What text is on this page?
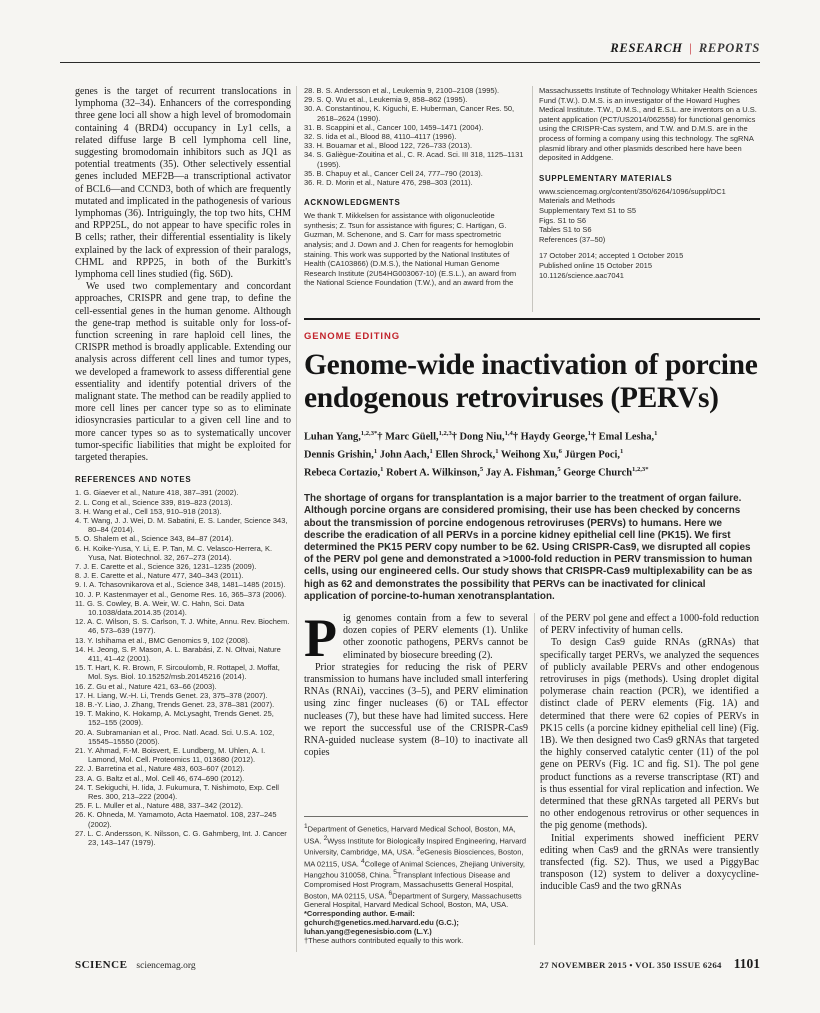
RESEARCH | REPORTS

genes is the target of recurrent translocations in lymphoma (32–34). Enhancers of the corresponding three gene loci all show a high level of bromodomain containing 4 (BRD4) occupancy in Ly1 cells, a related diffuse large B cell lymphoma cell line, suggesting bromodomain inhibitors such as JQ1 as potential treatments (35). Other selectively essential genes included MEF2B—a transcriptional activator of BCL6—and CCND3, both of which are frequently mutated and implicated in the pathogenesis of various lymphomas (36). Intriguingly, the top two hits, CHM and RPP25L, do not appear to have specific roles in B cells; rather, their differential essentiality is likely explained by the lack of expression of their paralogs, CHML and RPP25, in both of the Burkitt's lymphoma cell lines studied (fig. S6D).

We used two complementary and concordant approaches, CRISPR and gene trap, to define the cell-essential genes in the human genome. Although the gene-trap method is suitable only for loss-of-function screening in rare haploid cell lines, the CRISPR method is broadly applicable. Extending our analysis across different cell lines and tumor types, we developed a framework to assess differential gene essentiality and identify potential drivers of the malignant state. The method can be readily applied to more cell lines per cancer type so as to eliminate idiosyncrasies particular to a given cell line and to more cancer types so as to systematically uncover tumor-specific liabilities that might be exploited for targeted therapies.

REFERENCES AND NOTES
1. G. Giaever et al., Nature 418, 387–391 (2002).
2. L. Cong et al., Science 339, 819–823 (2013).
3. H. Wang et al., Cell 153, 910–918 (2013).
4. T. Wang, J. J. Wei, D. M. Sabatini, E. S. Lander, Science 343, 80–84 (2014).
5. O. Shalem et al., Science 343, 84–87 (2014).
6. H. Koike-Yusa, Y. Li, E. P. Tan, M. C. Velasco-Herrera, K. Yusa, Nat. Biotechnol. 32, 267–273 (2014).
7. J. E. Carette et al., Science 326, 1231–1235 (2009).
8. J. E. Carette et al., Nature 477, 340–343 (2011).
9. I. A. Tchasovnikarova et al., Science 348, 1481–1485 (2015).
10. J. P. Kastenmayer et al., Genome Res. 16, 365–373 (2006).
11. G. S. Cowley, B. A. Weir, W. C. Hahn, Sci. Data 10.1038/data.2014.35 (2014).
12. A. C. Wilson, S. S. Carlson, T. J. White, Annu. Rev. Biochem. 46, 573–639 (1977).
13. Y. Ishihama et al., BMC Genomics 9, 102 (2008).
14. H. Jeong, S. P. Mason, A. L. Barabási, Z. N. Oltvai, Nature 411, 41–42 (2001).
15. T. Hart, K. R. Brown, F. Sircoulomb, R. Rottapel, J. Moffat, Mol. Sys. Biol. 10.15252/msb.20145216 (2014).
16. Z. Gu et al., Nature 421, 63–66 (2003).
17. H. Liang, W.-H. Li, Trends Genet. 23, 375–378 (2007).
18. B.-Y. Liao, J. Zhang, Trends Genet. 23, 378–381 (2007).
19. T. Makino, K. Hokamp, A. McLysaght, Trends Genet. 25, 152–155 (2009).
20. A. Subramanian et al., Proc. Natl. Acad. Sci. U.S.A. 102, 15545–15550 (2005).
21. Y. Ahmad, F.-M. Boisvert, E. Lundberg, M. Uhlen, A. I. Lamond, Mol. Cell. Proteomics 11, 013680 (2012).
22. J. Barretina et al., Nature 483, 603–607 (2012).
23. A. G. Baltz et al., Mol. Cell 46, 674–690 (2012).
24. T. Sekiguchi, H. Iida, J. Fukumura, T. Nishimoto, Exp. Cell Res. 300, 213–222 (2004).
25. F. L. Muller et al., Nature 488, 337–342 (2012).
26. K. Ohneda, M. Yamamoto, Acta Haematol. 108, 237–245 (2002).
27. L. C. Andersson, K. Nilsson, C. G. Gahmberg, Int. J. Cancer 23, 143–147 (1979).
28. B. S. Andersson et al., Leukemia 9, 2100–2108 (1995).
29. S. Q. Wu et al., Leukemia 9, 858–862 (1995).
30. A. Constantinou, K. Kiguchi, E. Huberman, Cancer Res. 50, 2618–2624 (1990).
31. B. Scappini et al., Cancer 100, 1459–1471 (2004).
32. S. Iida et al., Blood 88, 4110–4117 (1996).
33. H. Bouamar et al., Blood 122, 726–733 (2013).
34. S. Galiègue-Zouitina et al., C. R. Acad. Sci. III 318, 1125–1131 (1995).
35. B. Chapuy et al., Cancer Cell 24, 777–790 (2013).
36. R. D. Morin et al., Nature 476, 298–303 (2011).
ACKNOWLEDGMENTS

We thank T. Mikkelsen for assistance with oligonucleotide synthesis; Z. Tsun for assistance with figures; C. Hartigan, G. Guzman, M. Schenone, and S. Carr for mass spectrometric analysis; and J. Down and J. Chen for reagents for hemoglobin staining. This work was supported by the National Institutes of Health (CA103866) (D.M.S.), the National Human Genome Research Institute (2U54HG003067-10) (E.S.L.), an award from the National Science Foundation (T.W.), and an award from the

Massachussetts Institute of Technology Whitaker Health Sciences Fund (T.W.). D.M.S. is an investigator of the Howard Hughes Medical Institute. T.W., D.M.S., and E.S.L. are inventors on a U.S. patent application (PCT/US2014/062558) for functional genomics using the CRISPR-Cas system, and T.W. and D.M.S. are in the process of forming a company using this technology. The sgRNA plasmid library and other plasmids described here have been deposited in Addgene.

SUPPLEMENTARY MATERIALS
www.sciencemag.org/content/350/6264/1096/suppl/DC1
Materials and Methods
Supplementary Text S1 to S5
Figs. S1 to S6
Tables S1 to S6
References (37–50)
17 October 2014; accepted 1 October 2015
Published online 15 October 2015
10.1126/science.aac7041
GENOME EDITING
Genome-wide inactivation of porcine
endogenous retroviruses (PERVs)
Luhan Yang,$^{1,2,3*}$† Marc Güell,$^{1,2,3}$† Dong Niu,$^{1,4}$† Haydy George,$^1$† Emal Lesha,$^1$
Dennis Grishin,$^1$ John Aach,$^1$ Ellen Shrock,$^1$ Weihong Xu,$^6$ Jürgen Poci,$^1$
Rebeca Cortazio,$^1$ Robert A. Wilkinson,$^5$ Jay A. Fishman,$^5$ George Church$^{1,2,3*}$

The shortage of organs for transplantation is a major barrier to the treatment of organ failure. Although porcine organs are considered promising, their use has been checked by concerns about the transmission of porcine endogenous retroviruses (PERVs) to humans. Here we describe the eradication of all PERVs in a porcine kidney epithelial cell line (PK15). We first determined the PK15 PERV copy number to be 62. Using CRISPR-Cas9, we disrupted all copies of the PERV pol gene and demonstrated a >1000-fold reduction in PERV transmission to human cells, using our engineered cells. Our study shows that CRISPR-Cas9 multiplexability can be as high as 62 and demonstrates the possibility that PERVs can be inactivated for clinical application of porcine-to-human xenotransplantation.

Pig genomes contain from a few to several dozen copies of PERV elements (1). Unlike other zoonotic pathogens, PERVs cannot be eliminated by biosecure breeding (2).

Prior strategies for reducing the risk of PERV transmission to humans have included small interfering RNAs (RNAi), vaccines (3–5), and PERV elimination using zinc finger nucleases (6) or TAL effector nucleases (7), but these have had limited success. Here we report the successful use of the CRISPR-Cas9 RNA-guided nuclease system (8–10) to inactivate all copies

$^1$Department of Genetics, Harvard Medical School, Boston, MA, USA. $^2$Wyss Institute for Biologically Inspired Engineering, Harvard University, Cambridge, MA, USA. $^3$eGenesis Biosciences, Boston, MA 02115, USA. $^4$College of Animal Sciences, Zhejiang University, Hangzhou 310058, China. $^5$Transplant Infectious Disease and Compromised Host Program, Massachusetts General Hospital, Boston, MA 02115, USA. $^6$Department of Surgery, Massachusetts General Hospital, Harvard Medical School, Boston, MA, USA.
*Corresponding author. E-mail: gchurch@genetics.med.harvard.edu (G.C.); luhan.yang@egenesisbio.com (L.Y.)
†These authors contributed equally to this work.

of the PERV pol gene and effect a 1000-fold reduction of PERV infectivity of human cells.

To design Cas9 guide RNAs (gRNAs) that specifically target PERVs, we analyzed the sequences of publicly available PERVs and other endogenous retroviruses in pigs (methods). Using droplet digital polymerase chain reaction (PCR), we identified a distinct clade of PERV elements (Fig. 1A) and determined that there were 62 copies of PERVs in PK15 cells (a porcine kidney epithelial cell line) (Fig. 1B). We then designed two Cas9 gRNAs that targeted the highly conserved catalytic center (11) of the pol gene on PERVs (Fig. 1C and fig. S1). The pol gene product functions as a reverse transcriptase (RT) and is thus essential for viral replication and infection. We determined that these gRNAs targeted all PERVs but no other endogenous retrovirus or other sequences in the pig genome (methods).

Initial experiments showed inefficient PERV editing when Cas9 and the gRNAs were transiently transfected (fig. S2). Thus, we used a PiggyBac transposon (12) system to deliver a doxycycline-inducible Cas9 and the two gRNAs

SCIENCE sciencemag.org	27 NOVEMBER 2015 • VOL 350 ISSUE 6264 1101
